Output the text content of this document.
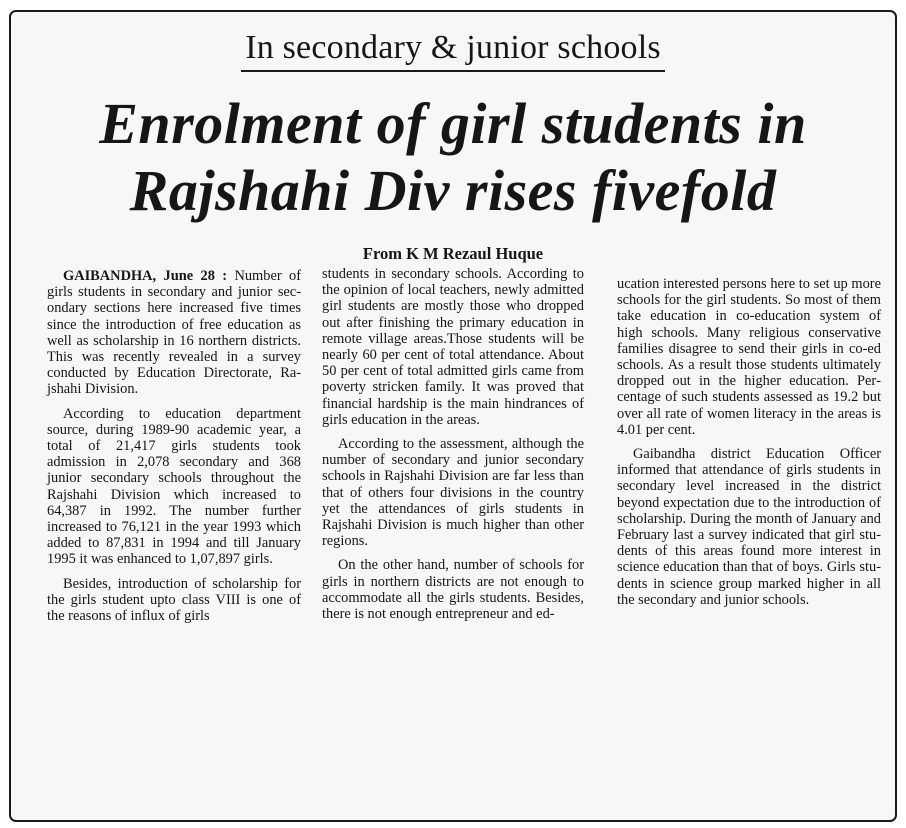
In secondary & junior schools
Enrolment of girl students in
Rajshahi Div rises fivefold
From K M Rezaul Huque

GAIBANDHA, June 28 : Number of girls students in secondary and junior secondary sections here increased five times since the introduction of free education as well as scholarship in 16 northern districts. This was recently revealed in a survey conducted by Education Directorate, Rajshahi Division.

According to education department source, during 1989-90 academic year, a total of 21,417 girls students took admission in 2,078 secondary and 368 junior secondary schools throughout the Rajshahi Division which increased to 64,387 in 1992. The number further increased to 76,121 in the year 1993 which added to 87,831 in 1994 and till January 1995 it was enhanced to 1,07,897 girls.

Besides, introduction of scholarship for the girls student upto class VIII is one of the reasons of influx of girls

students in secondary schools. According to the opinion of local teachers, newly admitted girl students are mostly those who dropped out after finishing the primary education in remote village areas.Those students will be nearly 60 per cent of total attendance. About 50 per cent of total admitted girls came from poverty stricken family. It was proved that financial hardship is the main hindrances of girls education in the areas.

According to the assessment, although the number of secondary and junior secondary schools in Rajshahi Division are far less than that of others four divisions in the country yet the attendances of girls students in Rajshahi Division is much higher than other regions.

On the other hand, number of schools for girls in northern districts are not enough to accommodate all the girls students. Besides, there is not enough entrepreneur and ed-

ucation interested persons here to set up more schools for the girl students. So most of them take education in co-education system of high schools. Many religious conservative families disagree to send their girls in co-ed schools. As a result those students ultimately dropped out in the higher education. Percentage of such students assessed as 19.2 but over all rate of women literacy in the areas is 4.01 per cent.

Gaibandha district Education Officer informed that attendance of girls students in secondary level increased in the district beyond expectation due to the introduction of scholarship. During the month of January and February last a survey indicated that girl students of this areas found more interest in science education than that of boys. Girls students in science group marked higher in all the secondary and junior schools.
